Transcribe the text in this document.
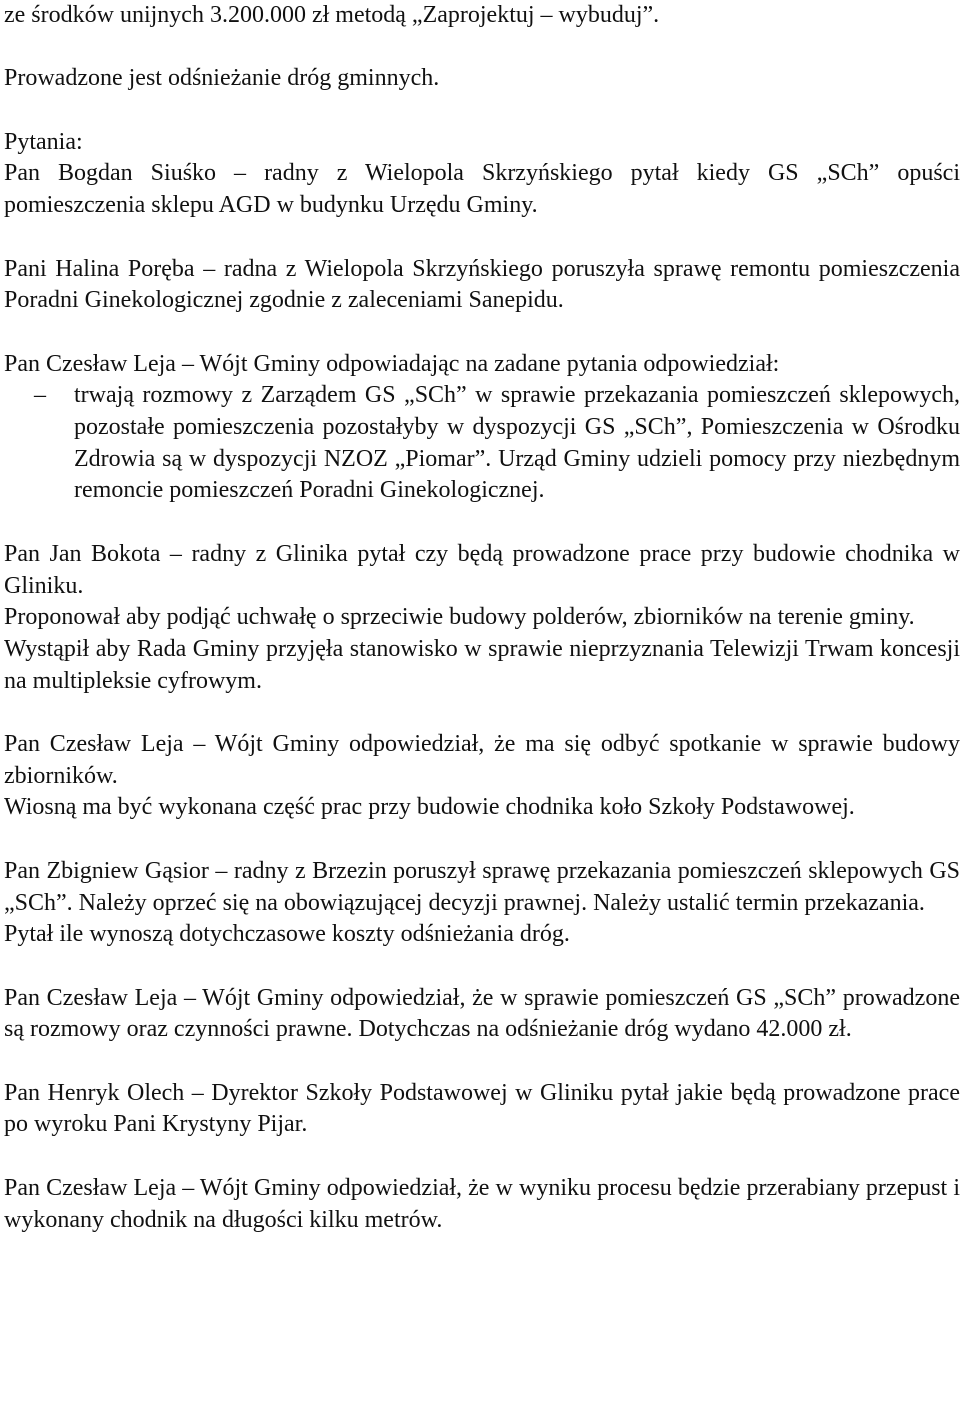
ze środków unijnych 3.200.000 zł metodą „Zaprojektuj – wybuduj”.

Prowadzone jest odśnieżanie dróg gminnych.

Pytania:

Pan Bogdan Siuśko – radny z Wielopola Skrzyńskiego pytał kiedy GS „SCh” opuści pomieszczenia sklepu AGD w budynku Urzędu Gminy.

Pani Halina Poręba – radna z Wielopola Skrzyńskiego poruszyła sprawę remontu pomieszczenia Poradni Ginekologicznej zgodnie z zaleceniami Sanepidu.

Pan Czesław Leja – Wójt Gminy odpowiadając na zadane pytania odpowiedział:

– trwają rozmowy z Zarządem GS „SCh” w sprawie przekazania pomieszczeń sklepowych, pozostałe pomieszczenia pozostałyby w dyspozycji GS „SCh”, Pomieszczenia w Ośrodku Zdrowia są w dyspozycji NZOZ „Piomar”. Urząd Gminy udzieli pomocy przy niezbędnym remoncie pomieszczeń Poradni Ginekologicznej.

Pan Jan Bokota – radny z Glinika pytał czy będą prowadzone prace przy budowie chodnika w Gliniku.

Proponował aby podjąć uchwałę o sprzeciwie budowy polderów, zbiorników na terenie gminy.

Wystąpił aby Rada Gminy przyjęła stanowisko w sprawie nieprzyznania Telewizji Trwam koncesji na multipleksie cyfrowym.

Pan Czesław Leja – Wójt Gminy odpowiedział, że ma się odbyć spotkanie w sprawie budowy zbiorników.

Wiosną ma być wykonana część prac przy budowie chodnika koło Szkoły Podstawowej.

Pan Zbigniew Gąsior – radny z Brzezin poruszył sprawę przekazania pomieszczeń sklepowych GS „SCh”. Należy oprzeć się na obowiązującej decyzji prawnej. Należy ustalić termin przekazania.

Pytał ile wynoszą dotychczasowe koszty odśnieżania dróg.

Pan Czesław Leja – Wójt Gminy odpowiedział, że w sprawie pomieszczeń GS „SCh” prowadzone są rozmowy oraz czynności prawne. Dotychczas na odśnieżanie dróg wydano 42.000 zł.

Pan Henryk Olech – Dyrektor Szkoły Podstawowej w Gliniku pytał jakie będą prowadzone prace po wyroku Pani Krystyny Pijar.

Pan Czesław Leja – Wójt Gminy odpowiedział, że w wyniku procesu będzie przerabiany przepust i wykonany chodnik na długości kilku metrów.
